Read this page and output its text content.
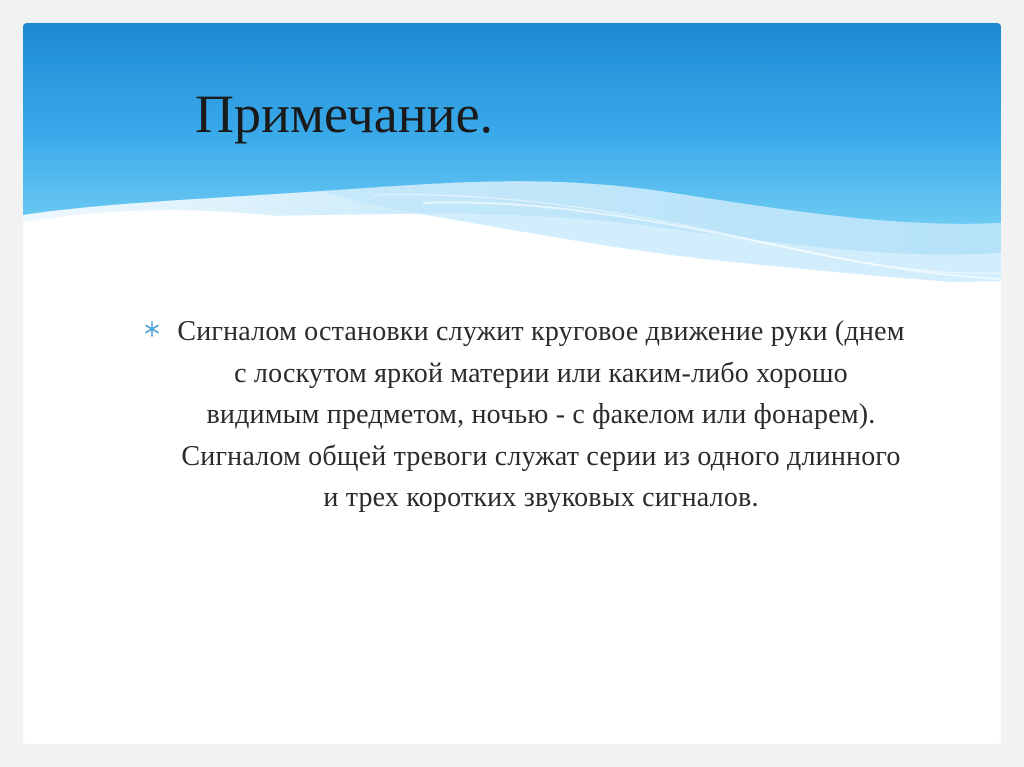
Примечание.

Сигналом остановки служит круговое движение руки (днем с лоскутом яркой материи или каким-либо хорошо видимым предметом, ночью - с факелом или фонарем). Сигналом общей тревоги служат серии из одного длинного и трех коротких звуковых сигналов.
